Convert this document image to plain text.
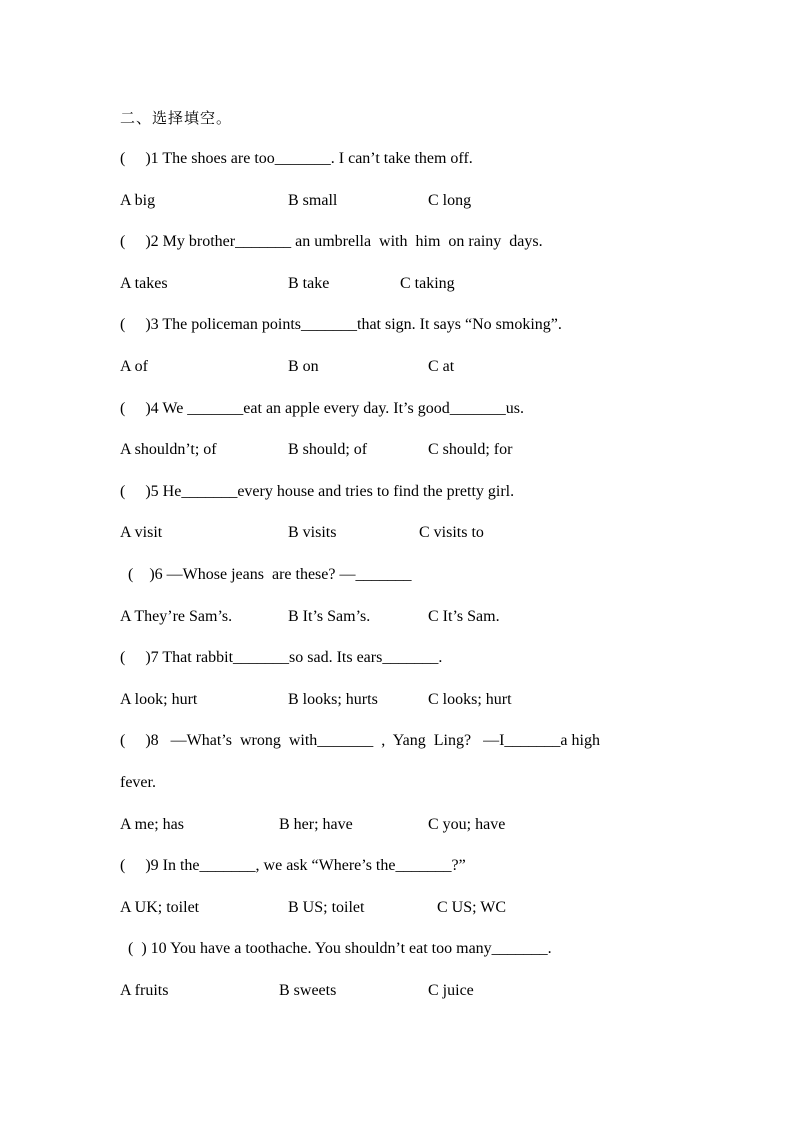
二、选择填空。
(     )1 The shoes are too_______. I can’t take them off.
A big	B small	C long
(     )2 My brother_______ an umbrella  with  him  on rainy  days.
A takes	B take	C taking
(     )3 The policeman points_______that sign. It says “No smoking”.
A of	B on	C at
(     )4 We _______eat an apple every day. It’s good_______us.
A shouldn’t; of	B should; of	C should; for
(     )5 He_______every house and tries to find the pretty girl.
A visit	B visits	C visits to
(    )6 —Whose jeans  are these? —_______
A They’re Sam’s.	B It’s Sam’s.	C It’s Sam.
(     )7 That rabbit_______so sad. Its ears_______.
A look; hurt	B looks; hurts	C looks; hurt
(     )8   —What’s  wrong  with_______  ,  Yang  Ling?   —I_______a high
fever.
A me; has	B her; have	C you; have
(     )9 In the_______, we ask “Where’s the_______?”
A UK; toilet	B US; toilet	C US; WC
(  ) 10 You have a toothache. You shouldn’t eat too many_______.
A fruits	B sweets	C juice
